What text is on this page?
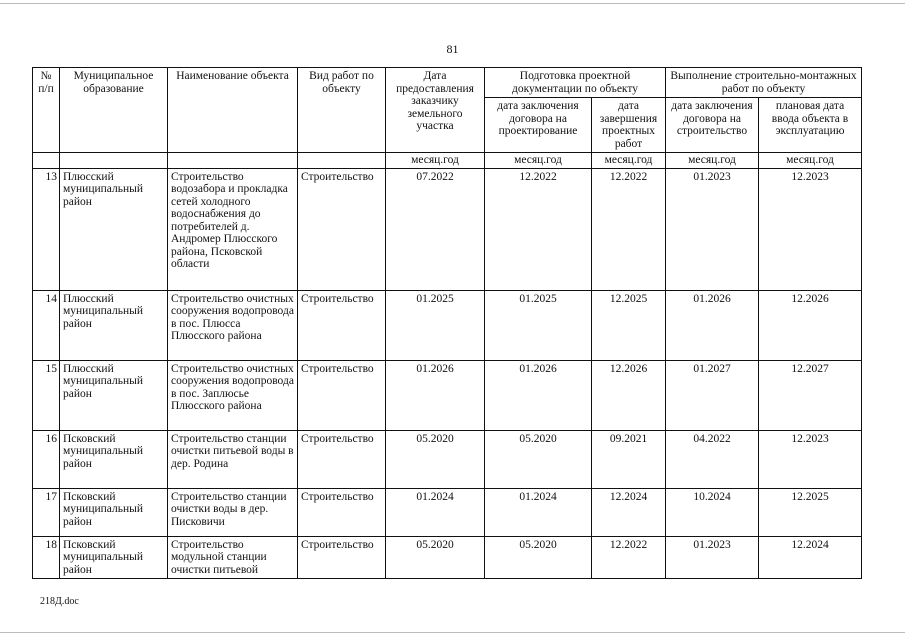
81
№ п/п	Муниципальное образование	Наименование объекта	Вид работ по объекту	Дата предоставления заказчику земельного участка	Подготовка проектной документации по объекту		Выполнение строительно-монтажных работ по объекту	
					дата заключения договора на проектирование	дата завершения проектных работ	дата заключения договора на строительство	плановая дата ввода объекта в эксплуатацию
				месяц.год	месяц.год	месяц.год	месяц.год	месяц.год
13	Плюсский муниципальный район	Строительство водозабора и прокладка сетей холодного водоснабжения до потребителей д. Андромер Плюсского района, Псковской области	Строительство	07.2022	12.2022	12.2022	01.2023	12.2023
14	Плюсский муниципальный район	Строительство очистных сооружения водопровода в пос. Плюсса Плюсского района	Строительство	01.2025	01.2025	12.2025	01.2026	12.2026
15	Плюсский муниципальный район	Строительство очистных сооружения водопровода в пос. Заплюсье Плюсского района	Строительство	01.2026	01.2026	12.2026	01.2027	12.2027
16	Псковский муниципальный район	Строительство станции очистки питьевой воды в дер. Родина	Строительство	05.2020	05.2020	09.2021	04.2022	12.2023
17	Псковский муниципальный район	Строительство станции очистки воды в дер. Писковичи	Строительство	01.2024	01.2024	12.2024	10.2024	12.2025
18	Псковский муниципальный район	Строительство модульной станции очистки питьевой	Строительство	05.2020	05.2020	12.2022	01.2023	12.2024
218Д.doc
